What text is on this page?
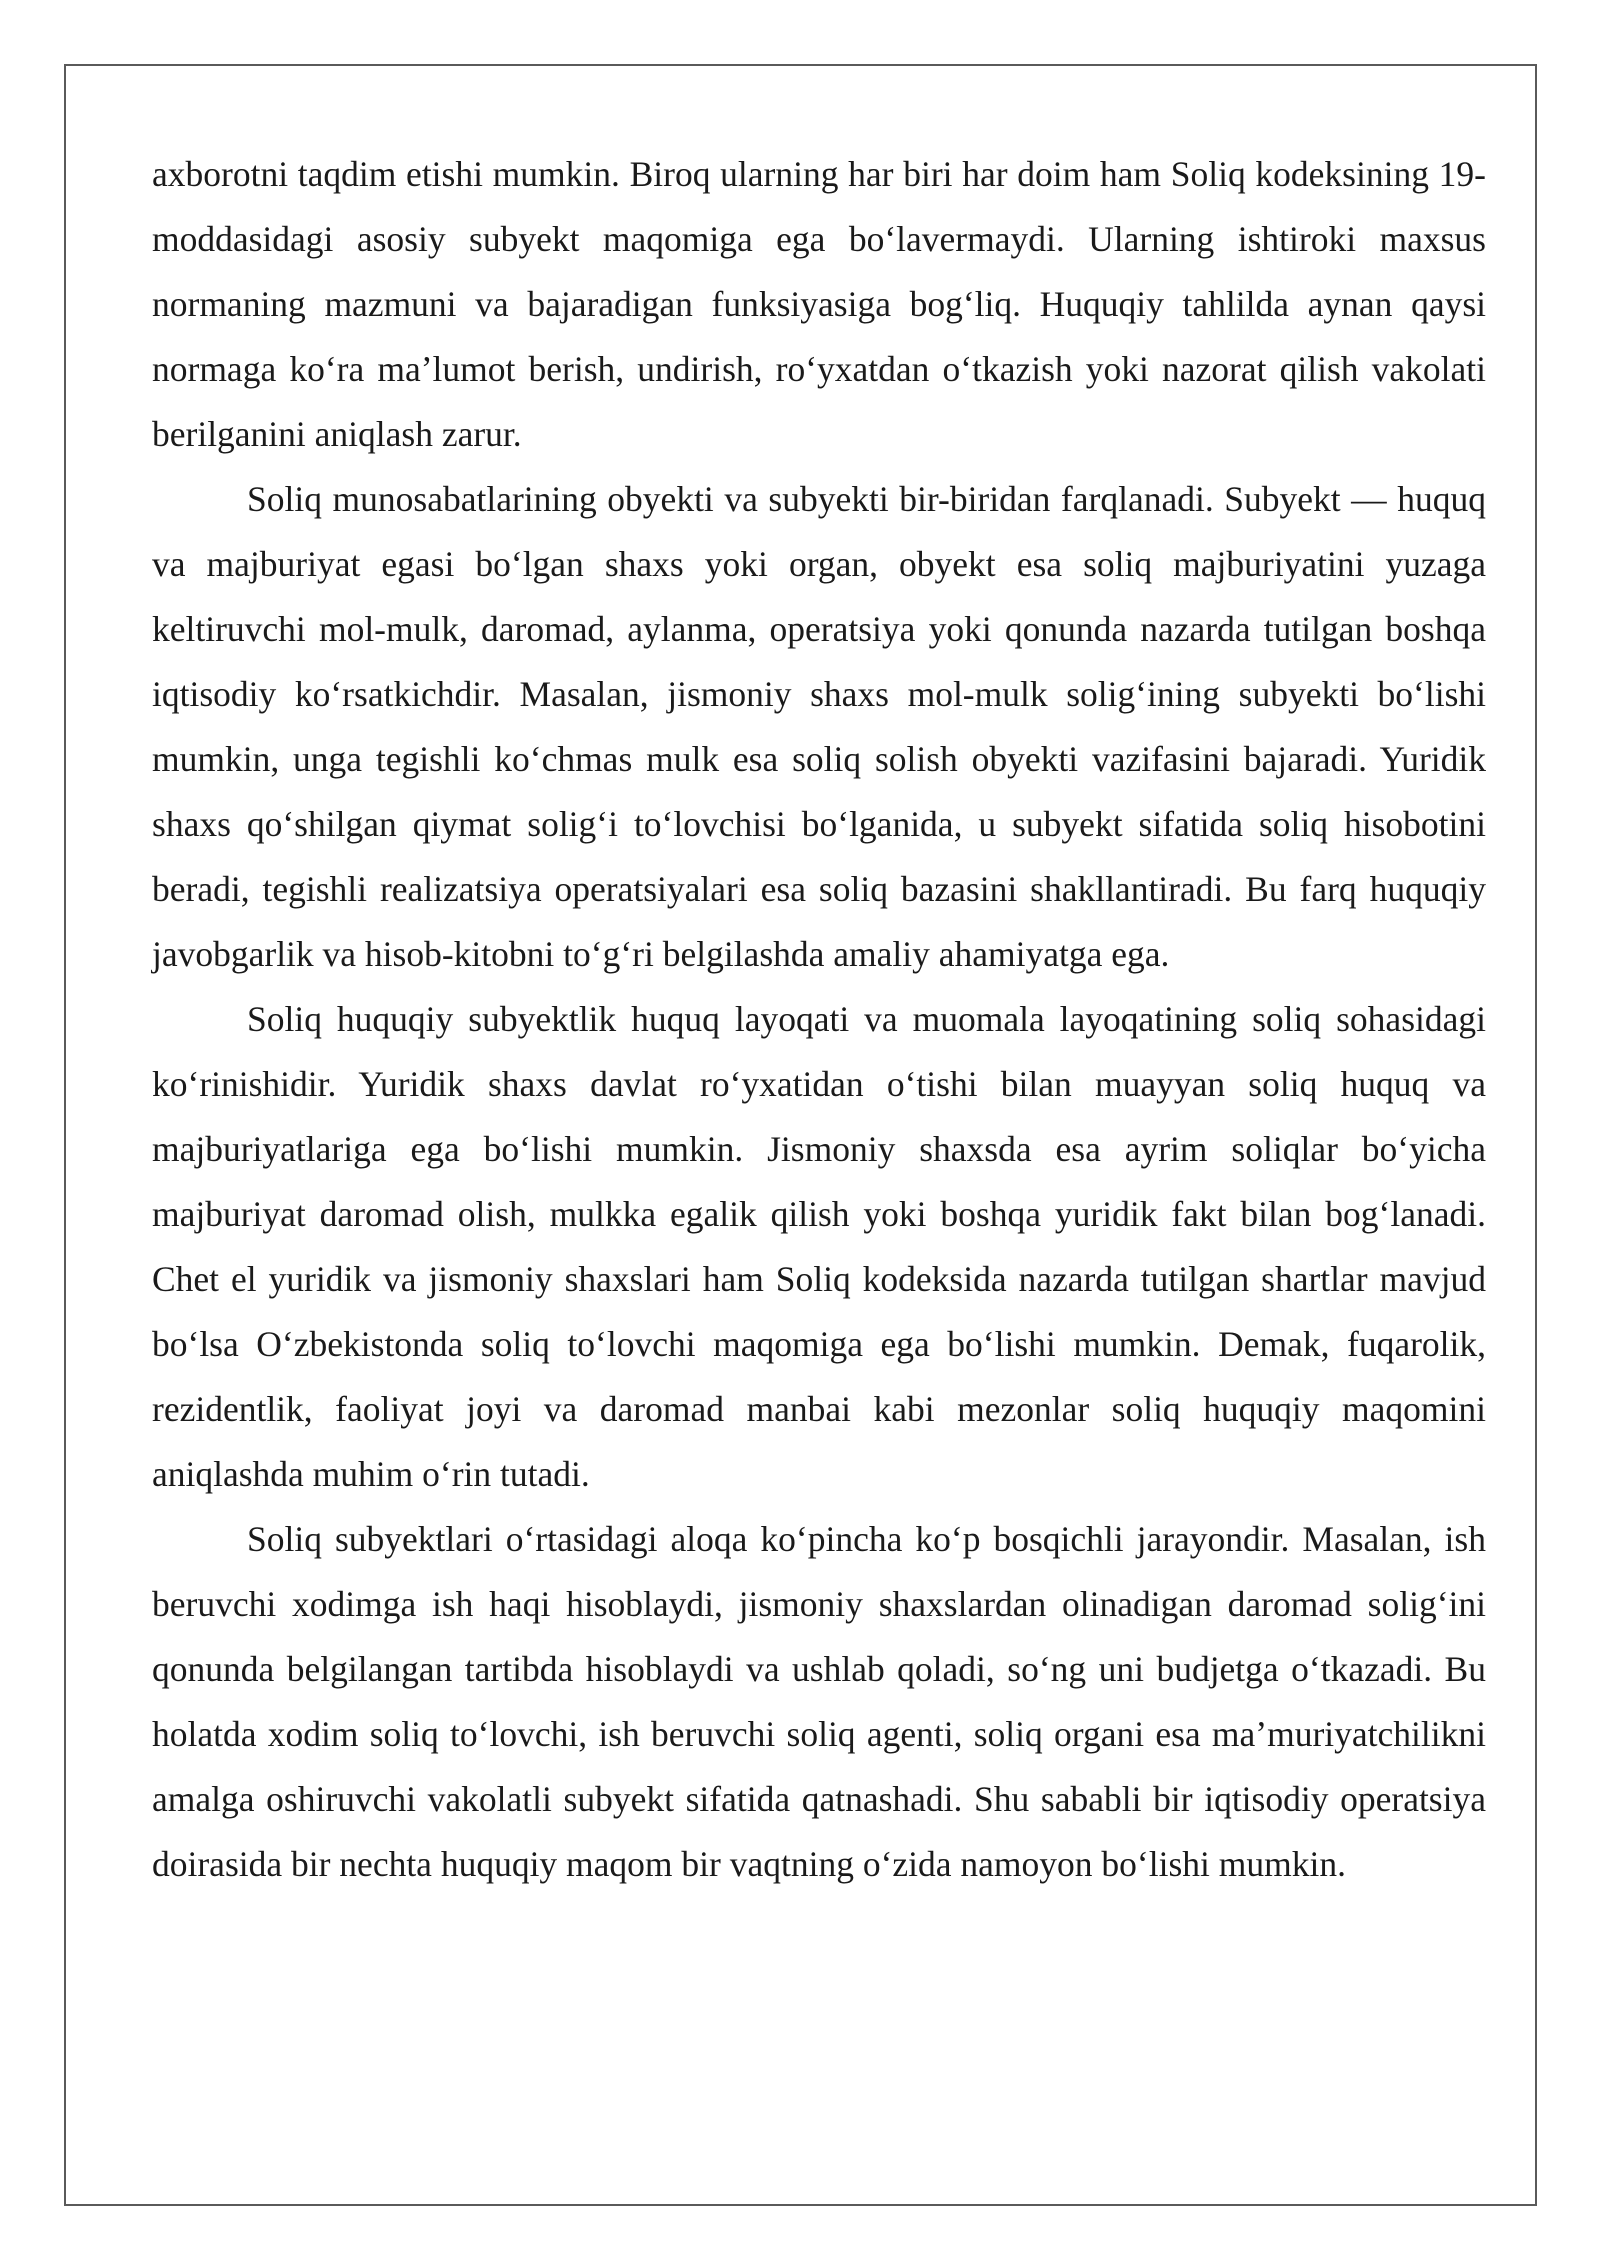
axborotni taqdim etishi mumkin. Biroq ularning har biri har doim ham Soliq kodeksining 19-moddasidagi asosiy subyekt maqomiga ega boʻlavermaydi. Ularning ishtiroki maxsus normaning mazmuni va bajaradigan funksiyasiga bogʻliq. Huquqiy tahlilda aynan qaysi normaga koʻra maʼlumot berish, undirish, roʻyxatdan oʻtkazish yoki nazorat qilish vakolati berilganini aniqlash zarur.

Soliq munosabatlarining obyekti va subyekti bir-biridan farqlanadi. Subyekt — huquq va majburiyat egasi boʻlgan shaxs yoki organ, obyekt esa soliq majburiyatini yuzaga keltiruvchi mol-mulk, daromad, aylanma, operatsiya yoki qonunda nazarda tutilgan boshqa iqtisodiy koʻrsatkichdir. Masalan, jismoniy shaxs mol-mulk soligʻining subyekti boʻlishi mumkin, unga tegishli koʻchmas mulk esa soliq solish obyekti vazifasini bajaradi. Yuridik shaxs qoʻshilgan qiymat soligʻi toʻlovchisi boʻlganida, u subyekt sifatida soliq hisobotini beradi, tegishli realizatsiya operatsiyalari esa soliq bazasini shakllantiradi. Bu farq huquqiy javobgarlik va hisob-kitobni toʻgʻri belgilashda amaliy ahamiyatga ega.

Soliq huquqiy subyektlik huquq layoqati va muomala layoqatining soliq sohasidagi koʻrinishidir. Yuridik shaxs davlat roʻyxatidan oʻtishi bilan muayyan soliq huquq va majburiyatlariga ega boʻlishi mumkin. Jismoniy shaxsda esa ayrim soliqlar boʻyicha majburiyat daromad olish, mulkka egalik qilish yoki boshqa yuridik fakt bilan bogʻlanadi. Chet el yuridik va jismoniy shaxslari ham Soliq kodeksida nazarda tutilgan shartlar mavjud boʻlsa Oʻzbekistonda soliq toʻlovchi maqomiga ega boʻlishi mumkin. Demak, fuqarolik, rezidentlik, faoliyat joyi va daromad manbai kabi mezonlar soliq huquqiy maqomini aniqlashda muhim oʻrin tutadi.

Soliq subyektlari oʻrtasidagi aloqa koʻpincha koʻp bosqichli jarayondir. Masalan, ish beruvchi xodimga ish haqi hisoblaydi, jismoniy shaxslardan olinadigan daromad soligʻini qonunda belgilangan tartibda hisoblaydi va ushlab qoladi, soʻng uni budjetga oʻtkazadi. Bu holatda xodim soliq toʻlovchi, ish beruvchi soliq agenti, soliq organi esa maʼmuriyatchilikni amalga oshiruvchi vakolatli subyekt sifatida qatnashadi. Shu sababli bir iqtisodiy operatsiya doirasida bir nechta huquqiy maqom bir vaqtning oʻzida namoyon boʻlishi mumkin.
